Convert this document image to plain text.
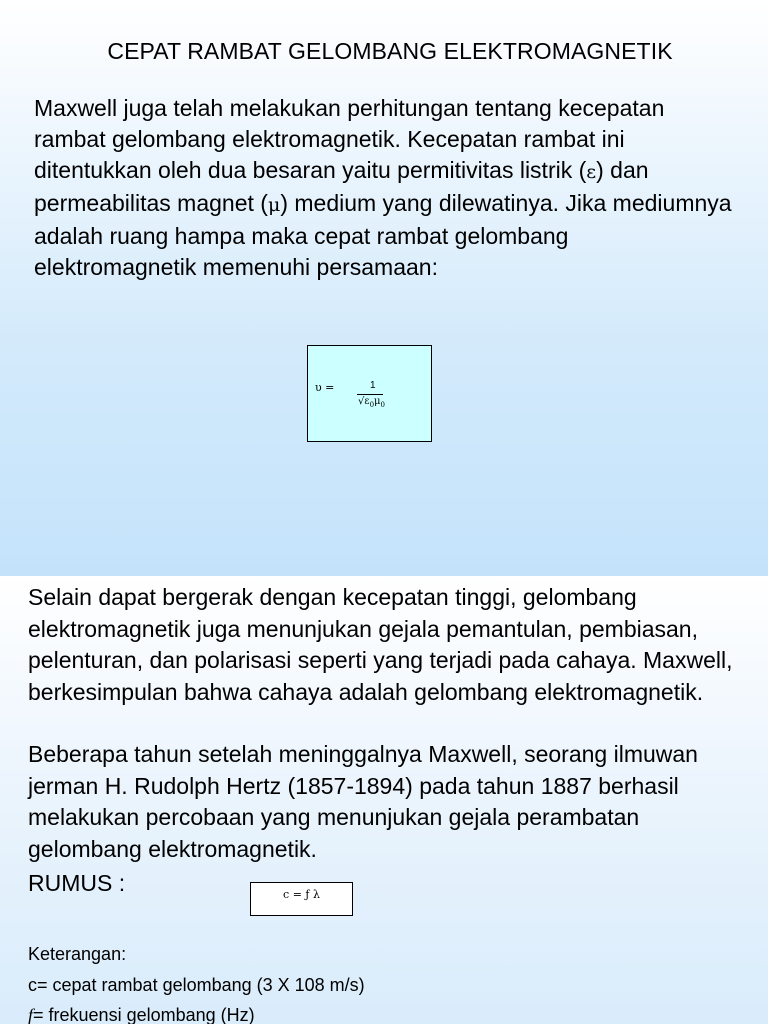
CEPAT RAMBAT GELOMBANG ELEKTROMAGNETIK

Maxwell juga telah melakukan perhitungan tentang kecepatan rambat gelombang elektromagnetik. Kecepatan rambat ini ditentukkan oleh dua besaran yaitu permitivitas listrik (ε) dan permeabilitas magnet (μ) medium yang dilewatinya. Jika mediumnya adalah ruang hampa maka cepat rambat gelombang elektromagnetik memenuhi persamaan:

υ =	1
$√\varepsilon_0\mu_0$

Selain dapat bergerak dengan kecepatan tinggi, gelombang elektromagnetik juga menunjukan gejala pemantulan, pembiasan, pelenturan, dan polarisasi seperti yang terjadi pada cahaya. Maxwell, berkesimpulan bahwa cahaya adalah gelombang elektromagnetik.

Beberapa tahun setelah meninggalnya Maxwell, seorang ilmuwan jerman H. Rudolph Hertz (1857-1894) pada tahun 1887 berhasil melakukan percobaan yang menunjukan gejala perambatan gelombang elektromagnetik.

RUMUS :	c = ƒ λ

Keterangan:

c= cepat rambat gelombang (3 X 108 m/s)

f= frekuensi gelombang (Hz)
